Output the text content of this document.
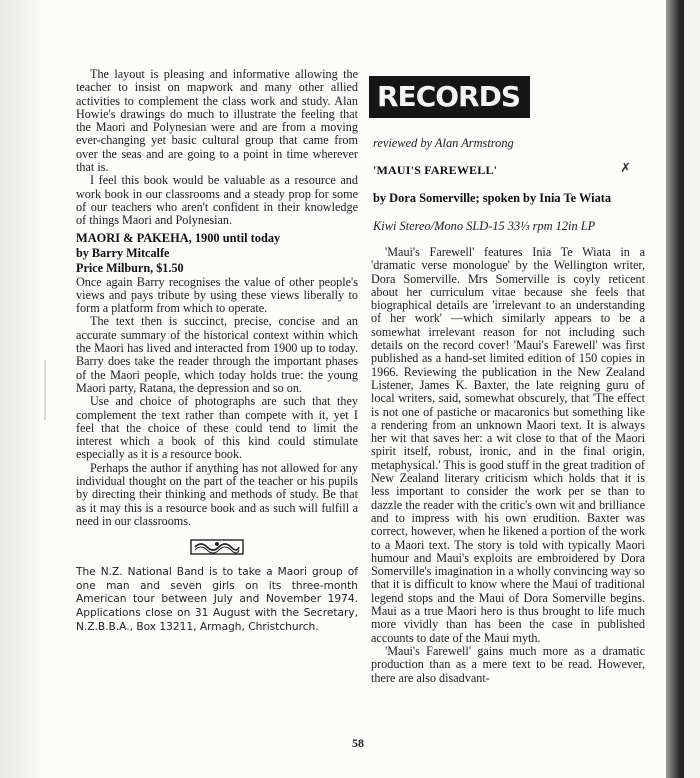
The layout is pleasing and informative allowing the teacher to insist on mapwork and many other allied activities to complement the class work and study. Alan Howie's drawings do much to illustrate the feeling that the Maori and Polynesian were and are from a moving ever-changing yet basic cultural group that came from over the seas and are going to a point in time wherever that is.

I feel this book would be valuable as a resource and work book in our classrooms and a steady prop for some of our teachers who aren't confident in their knowledge of things Maori and Polynesian.

MAORI & PAKEHA, 1900 until today

by Barry Mitcalfe

Price Milburn, $1.50

Once again Barry recognises the value of other people's views and pays tribute by using these views liberally to form a platform from which to operate.

The text then is succinct, precise, concise and an accurate summary of the historical context within which the Maori has lived and interacted from 1900 up to today. Barry does take the reader through the important phases of the Maori people, which today holds true: the young Maori party, Ratana, the depression and so on.

Use and choice of photographs are such that they complement the text rather than compete with it, yet I feel that the choice of these could tend to limit the interest which a book of this kind could stimulate especially as it is a resource book.

Perhaps the author if anything has not allowed for any individual thought on the part of the teacher or his pupils by directing their thinking and methods of study. Be that as it may this is a resource book and as such will fulfill a need in our classrooms.

The N.Z. National Band is to take a Maori group of one man and seven girls on its three-month American tour between July and November 1974. Applications close on 31 August with the Secretary, N.Z.B.B.A., Box 13211, Armagh, Christchurch.

RECORDS

reviewed by Alan Armstrong

'MAUI'S FAREWELL'	✗

by Dora Somerville; spoken by Inia Te Wiata

Kiwi Stereo/Mono SLD-15 33⅓ rpm 12in LP

'Maui's Farewell' features Inia Te Wiata in a 'dramatic verse monologue' by the Wellington writer, Dora Somerville. Mrs Somerville is coyly reticent about her curriculum vitae because she feels that biographical details are 'irrelevant to an understanding of her work' —which similarly appears to be a somewhat irrelevant reason for not including such details on the record cover! 'Maui's Farewell' was first published as a hand-set limited edition of 150 copies in 1966. Reviewing the publication in the New Zealand Listener, James K. Baxter, the late reigning guru of local writers, said, somewhat obscurely, that 'The effect is not one of pastiche or macaronics but something like a rendering from an unknown Maori text. It is always her wit that saves her: a wit close to that of the Maori spirit itself, robust, ironic, and in the final origin, metaphysical.' This is good stuff in the great tradition of New Zealand literary criticism which holds that it is less important to consider the work per se than to dazzle the reader with the critic's own wit and brilliance and to impress with his own erudition. Baxter was correct, however, when he likened a portion of the work to a Maori text. The story is told with typically Maori humour and Maui's exploits are embroidered by Dora Somerville's imagination in a wholly convincing way so that it is difficult to know where the Maui of traditional legend stops and the Maui of Dora Somerville begins. Maui as a true Maori hero is thus brought to life much more vividly than has been the case in published accounts to date of the Maui myth.

'Maui's Farewell' gains much more as a dramatic production than as a mere text to be read. However, there are also disadvant-

58
